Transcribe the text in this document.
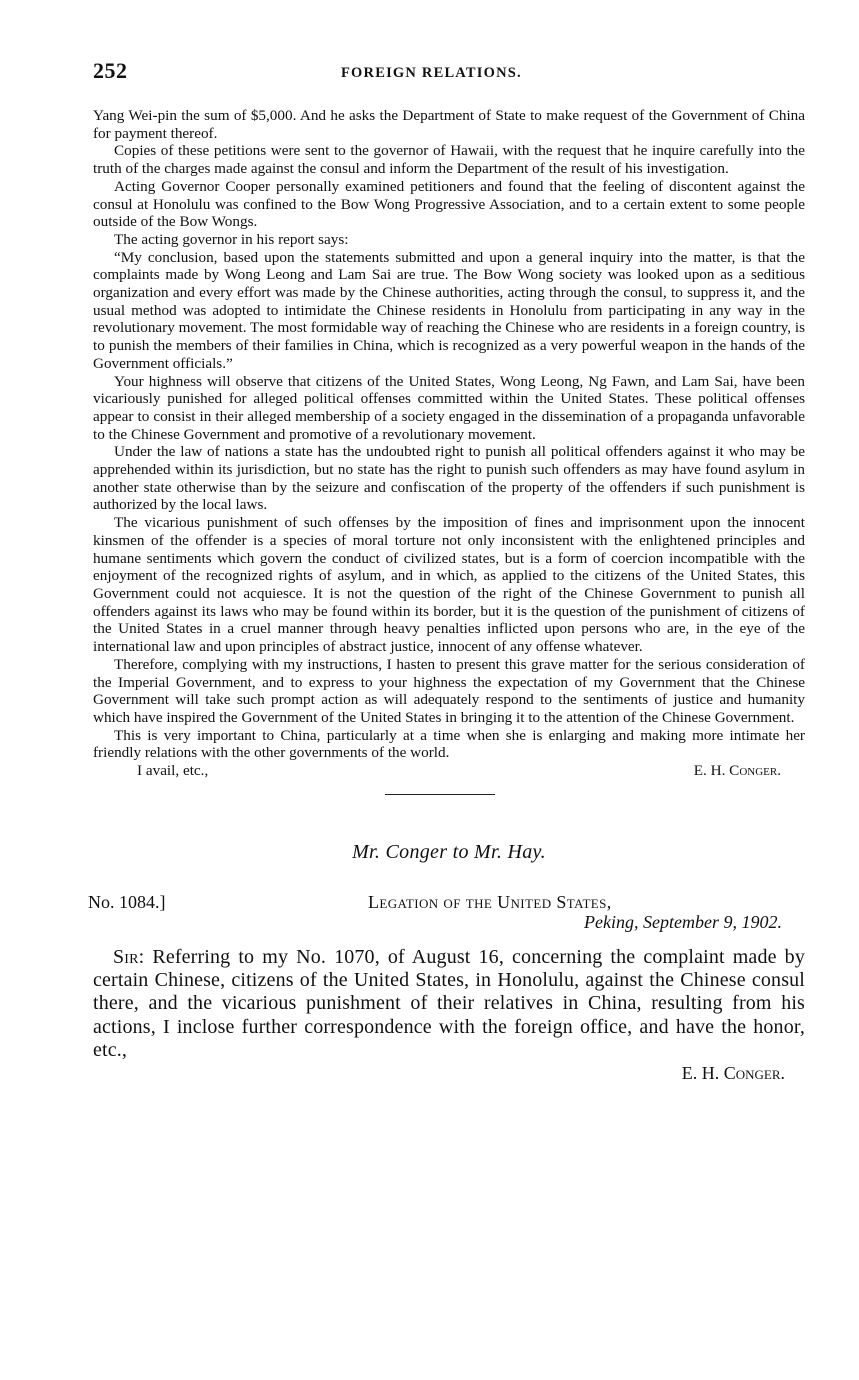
252	FOREIGN RELATIONS.

Yang Wei-pin the sum of $5,000. And he asks the Department of State to make request of the Government of China for payment thereof.

Copies of these petitions were sent to the governor of Hawaii, with the request that he inquire carefully into the truth of the charges made against the consul and inform the Department of the result of his investigation.

Acting Governor Cooper personally examined petitioners and found that the feeling of discontent against the consul at Honolulu was confined to the Bow Wong Progressive Association, and to a certain extent to some people outside of the Bow Wongs.

The acting governor in his report says:

“My conclusion, based upon the statements submitted and upon a general inquiry into the matter, is that the complaints made by Wong Leong and Lam Sai are true. The Bow Wong society was looked upon as a seditious organization and every effort was made by the Chinese authorities, acting through the consul, to suppress it, and the usual method was adopted to intimidate the Chinese residents in Honolulu from participating in any way in the revolutionary movement. The most formidable way of reaching the Chinese who are residents in a foreign country, is to punish the members of their families in China, which is recognized as a very powerful weapon in the hands of the Government officials.”

Your highness will observe that citizens of the United States, Wong Leong, Ng Fawn, and Lam Sai, have been vicariously punished for alleged political offenses committed within the United States. These political offenses appear to consist in their alleged membership of a society engaged in the dissemination of a propaganda unfavorable to the Chinese Government and promotive of a revolutionary movement.

Under the law of nations a state has the undoubted right to punish all political offenders against it who may be apprehended within its jurisdiction, but no state has the right to punish such offenders as may have found asylum in another state otherwise than by the seizure and confiscation of the property of the offenders if such punishment is authorized by the local laws.

The vicarious punishment of such offenses by the imposition of fines and imprisonment upon the innocent kinsmen of the offender is a species of moral torture not only inconsistent with the enlightened principles and humane sentiments which govern the conduct of civilized states, but is a form of coercion incompatible with the enjoyment of the recognized rights of asylum, and in which, as applied to the citizens of the United States, this Government could not acquiesce. It is not the question of the right of the Chinese Government to punish all offenders against its laws who may be found within its border, but it is the question of the punishment of citizens of the United States in a cruel manner through heavy penalties inflicted upon persons who are, in the eye of the international law and upon principles of abstract justice, innocent of any offense whatever.

Therefore, complying with my instructions, I hasten to present this grave matter for the serious consideration of the Imperial Government, and to express to your highness the expectation of my Government that the Chinese Government will take such prompt action as will adequately respond to the sentiments of justice and humanity which have inspired the Government of the United States in bringing it to the attention of the Chinese Government.

This is very important to China, particularly at a time when she is enlarging and making more intimate her friendly relations with the other governments of the world.

I avail, etc.,	E. H. Conger.
Mr. Conger to Mr. Hay.
No. 1084.]	Legation of the United States,
Peking, September 9, 1902.

Sir: Referring to my No. 1070, of August 16, concerning the complaint made by certain Chinese, citizens of the United States, in Honolulu, against the Chinese consul there, and the vicarious punishment of their relatives in China, resulting from his actions, I inclose further correspondence with the foreign office, and have the honor, etc.,

E. H. Conger.
